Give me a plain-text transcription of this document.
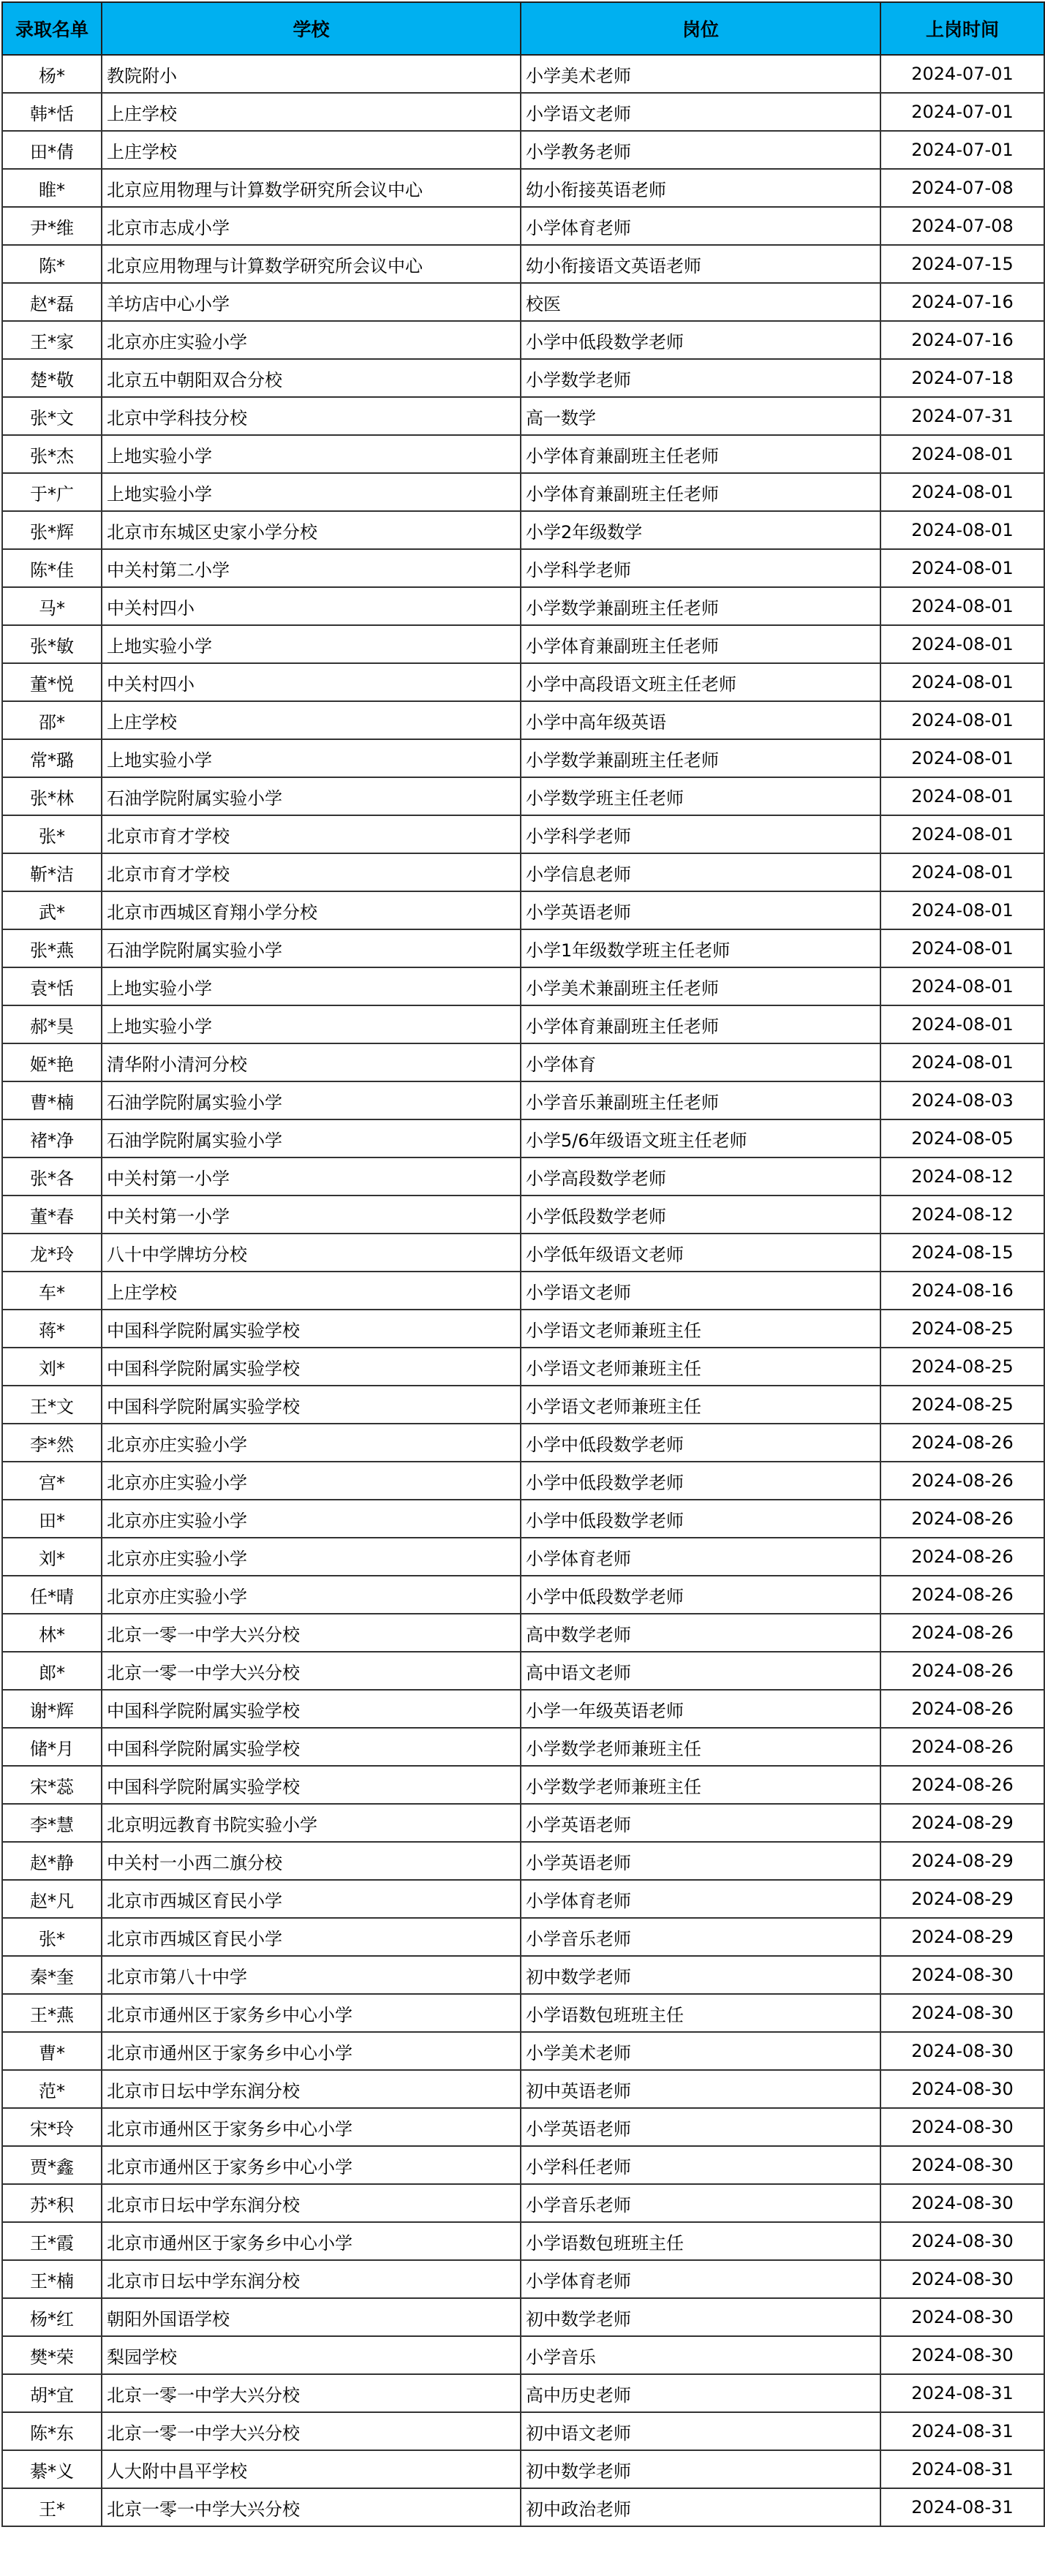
录取名单	学校	岗位	上岗时间
杨*	教院附小	小学美术老师	2024-07-01
韩*恬	上庄学校	小学语文老师	2024-07-01
田*倩	上庄学校	小学教务老师	2024-07-01
睢*	北京应用物理与计算数学研究所会议中心	幼小衔接英语老师	2024-07-08
尹*维	北京市志成小学	小学体育老师	2024-07-08
陈*	北京应用物理与计算数学研究所会议中心	幼小衔接语文英语老师	2024-07-15
赵*磊	羊坊店中心小学	校医	2024-07-16
王*家	北京亦庄实验小学	小学中低段数学老师	2024-07-16
楚*敬	北京五中朝阳双合分校	小学数学老师	2024-07-18
张*文	北京中学科技分校	高一数学	2024-07-31
张*杰	上地实验小学	小学体育兼副班主任老师	2024-08-01
于*广	上地实验小学	小学体育兼副班主任老师	2024-08-01
张*辉	北京市东城区史家小学分校	小学2年级数学	2024-08-01
陈*佳	中关村第二小学	小学科学老师	2024-08-01
马*	中关村四小	小学数学兼副班主任老师	2024-08-01
张*敏	上地实验小学	小学体育兼副班主任老师	2024-08-01
董*悦	中关村四小	小学中高段语文班主任老师	2024-08-01
邵*	上庄学校	小学中高年级英语	2024-08-01
常*璐	上地实验小学	小学数学兼副班主任老师	2024-08-01
张*林	石油学院附属实验小学	小学数学班主任老师	2024-08-01
张*	北京市育才学校	小学科学老师	2024-08-01
靳*洁	北京市育才学校	小学信息老师	2024-08-01
武*	北京市西城区育翔小学分校	小学英语老师	2024-08-01
张*燕	石油学院附属实验小学	小学1年级数学班主任老师	2024-08-01
袁*恬	上地实验小学	小学美术兼副班主任老师	2024-08-01
郝*昊	上地实验小学	小学体育兼副班主任老师	2024-08-01
姬*艳	清华附小清河分校	小学体育	2024-08-01
曹*楠	石油学院附属实验小学	小学音乐兼副班主任老师	2024-08-03
褚*净	石油学院附属实验小学	小学5/6年级语文班主任老师	2024-08-05
张*各	中关村第一小学	小学高段数学老师	2024-08-12
董*春	中关村第一小学	小学低段数学老师	2024-08-12
龙*玲	八十中学牌坊分校	小学低年级语文老师	2024-08-15
车*	上庄学校	小学语文老师	2024-08-16
蒋*	中国科学院附属实验学校	小学语文老师兼班主任	2024-08-25
刘*	中国科学院附属实验学校	小学语文老师兼班主任	2024-08-25
王*文	中国科学院附属实验学校	小学语文老师兼班主任	2024-08-25
李*然	北京亦庄实验小学	小学中低段数学老师	2024-08-26
宫*	北京亦庄实验小学	小学中低段数学老师	2024-08-26
田*	北京亦庄实验小学	小学中低段数学老师	2024-08-26
刘*	北京亦庄实验小学	小学体育老师	2024-08-26
任*晴	北京亦庄实验小学	小学中低段数学老师	2024-08-26
林*	北京一零一中学大兴分校	高中数学老师	2024-08-26
郎*	北京一零一中学大兴分校	高中语文老师	2024-08-26
谢*辉	中国科学院附属实验学校	小学一年级英语老师	2024-08-26
储*月	中国科学院附属实验学校	小学数学老师兼班主任	2024-08-26
宋*蕊	中国科学院附属实验学校	小学数学老师兼班主任	2024-08-26
李*慧	北京明远教育书院实验小学	小学英语老师	2024-08-29
赵*静	中关村一小西二旗分校	小学英语老师	2024-08-29
赵*凡	北京市西城区育民小学	小学体育老师	2024-08-29
张*	北京市西城区育民小学	小学音乐老师	2024-08-29
秦*奎	北京市第八十中学	初中数学老师	2024-08-30
王*燕	北京市通州区于家务乡中心小学	小学语数包班班主任	2024-08-30
曹*	北京市通州区于家务乡中心小学	小学美术老师	2024-08-30
范*	北京市日坛中学东润分校	初中英语老师	2024-08-30
宋*玲	北京市通州区于家务乡中心小学	小学英语老师	2024-08-30
贾*鑫	北京市通州区于家务乡中心小学	小学科任老师	2024-08-30
苏*积	北京市日坛中学东润分校	小学音乐老师	2024-08-30
王*霞	北京市通州区于家务乡中心小学	小学语数包班班主任	2024-08-30
王*楠	北京市日坛中学东润分校	小学体育老师	2024-08-30
杨*红	朝阳外国语学校	初中数学老师	2024-08-30
樊*荣	梨园学校	小学音乐	2024-08-30
胡*宜	北京一零一中学大兴分校	高中历史老师	2024-08-31
陈*东	北京一零一中学大兴分校	初中语文老师	2024-08-31
綦*义	人大附中昌平学校	初中数学老师	2024-08-31
王*	北京一零一中学大兴分校	初中政治老师	2024-08-31
